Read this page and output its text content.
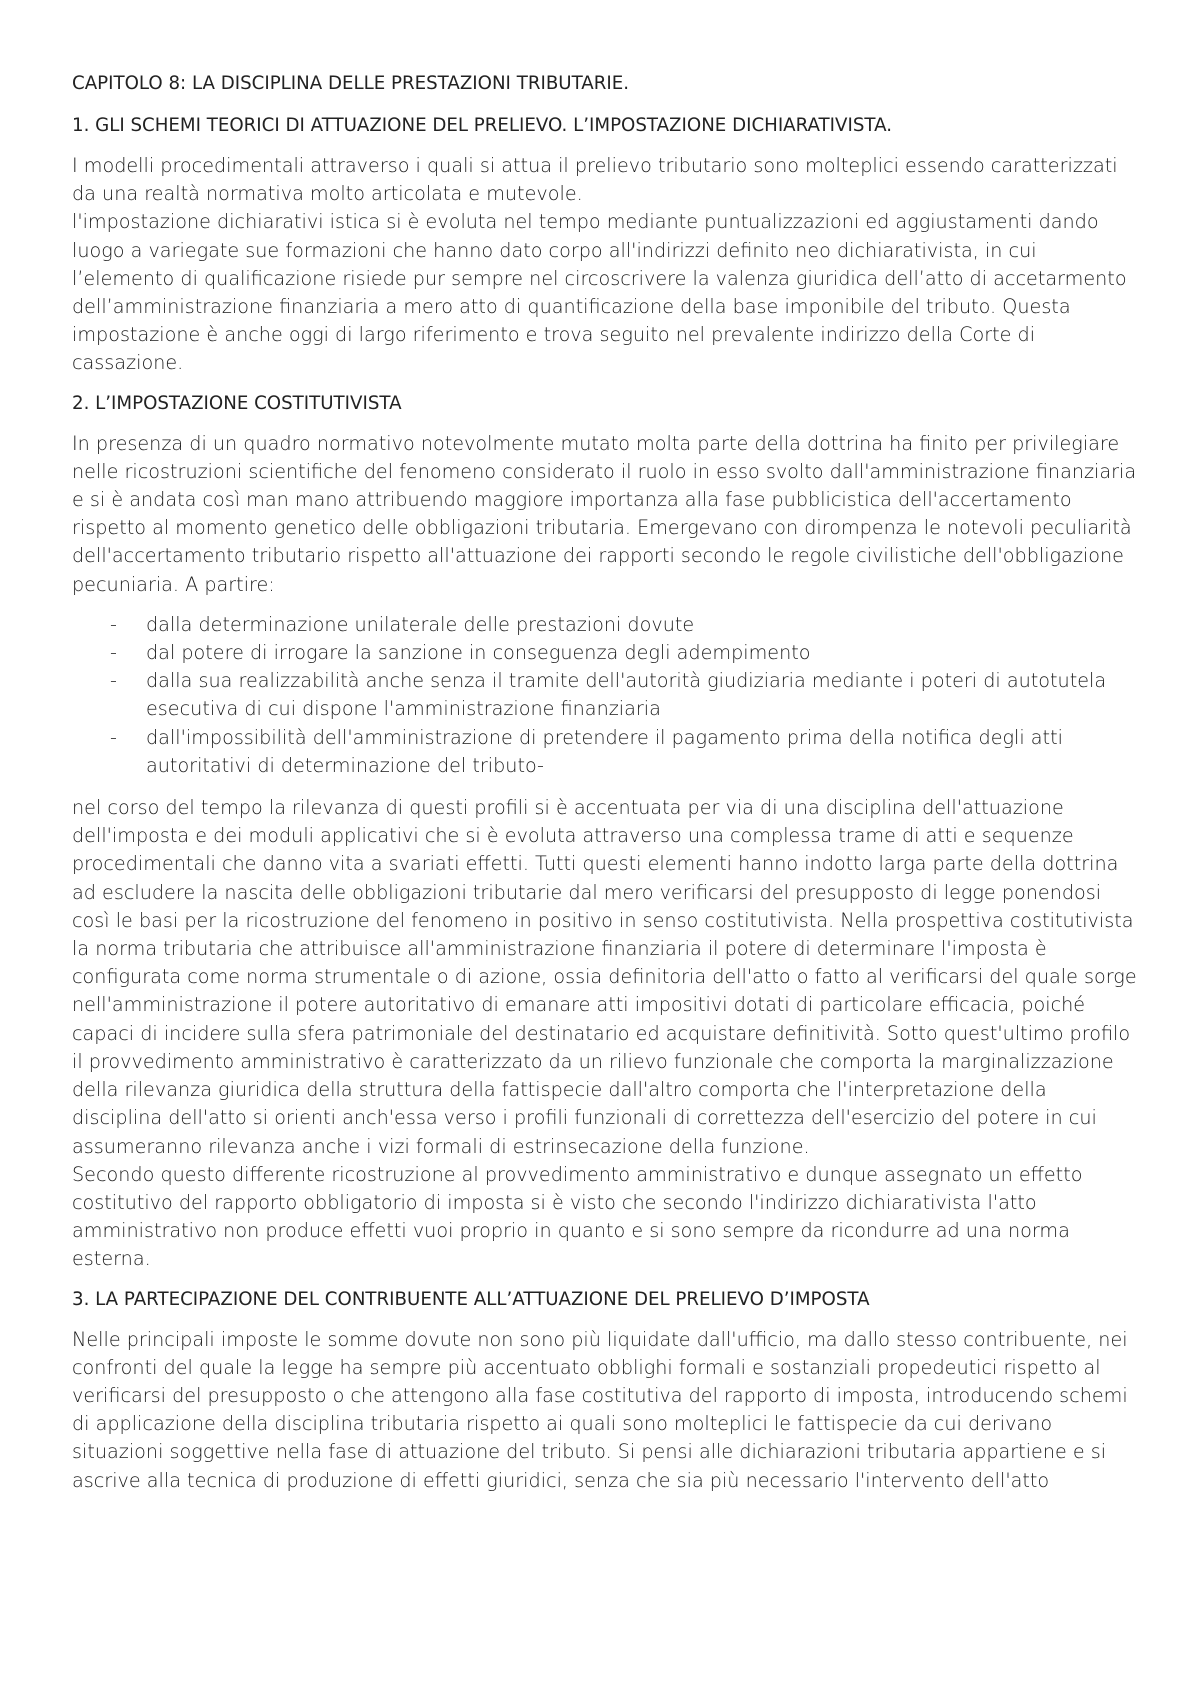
CAPITOLO 8: LA DISCIPLINA DELLE PRESTAZIONI TRIBUTARIE.
1. GLI SCHEMI TEORICI DI ATTUAZIONE DEL PRELIEVO. L’IMPOSTAZIONE DICHIARATIVISTA.

I modelli procedimentali attraverso i quali si attua il prelievo tributario sono molteplici essendo caratterizzati da una realtà normativa molto articolata e mutevole.
l'impostazione dichiarativi istica si è evoluta nel tempo mediante puntualizzazioni ed aggiustamenti dando luogo a variegate sue formazioni che hanno dato corpo all'indirizzi definito neo dichiarativista, in cui l’elemento di qualificazione risiede pur sempre nel circoscrivere la valenza giuridica dell’atto di accetarmento dell’amministrazione finanziaria a mero atto di quantificazione della base imponibile del tributo. Questa impostazione è anche oggi di largo riferimento e trova seguito nel prevalente indirizzo della Corte di cassazione.

2. L’IMPOSTAZIONE COSTITUTIVISTA

In presenza di un quadro normativo notevolmente mutato molta parte della dottrina ha finito per privilegiare nelle ricostruzioni scientifiche del fenomeno considerato il ruolo in esso svolto dall'amministrazione finanziaria e si è andata così man mano attribuendo maggiore importanza alla fase pubblicistica dell'accertamento rispetto al momento genetico delle obbligazioni tributaria. Emergevano con dirompenza le notevoli peculiarità dell'accertamento tributario rispetto all'attuazione dei rapporti secondo le regole civilistiche dell'obbligazione pecuniaria. A partire:

- dalla determinazione unilaterale delle prestazioni dovute
- dal potere di irrogare la sanzione in conseguenza degli adempimento
- dalla sua realizzabilità anche senza il tramite dell'autorità giudiziaria mediante i poteri di autotutela esecutiva di cui dispone l'amministrazione finanziaria
- dall'impossibilità dell'amministrazione di pretendere il pagamento prima della notifica degli atti autoritativi di determinazione del tributo-

nel corso del tempo la rilevanza di questi profili si è accentuata per via di una disciplina dell'attuazione dell'imposta e dei moduli applicativi che si è evoluta attraverso una complessa trame di atti e sequenze procedimentali che danno vita a svariati effetti. Tutti questi elementi hanno indotto larga parte della dottrina ad escludere la nascita delle obbligazioni tributarie dal mero verificarsi del presupposto di legge ponendosi così le basi per la ricostruzione del fenomeno in positivo in senso costitutivista. Nella prospettiva costitutivista la norma tributaria che attribuisce all'amministrazione finanziaria il potere di determinare l'imposta è configurata come norma strumentale o di azione, ossia definitoria dell'atto o fatto al verificarsi del quale sorge nell'amministrazione il potere autoritativo di emanare atti impositivi dotati di particolare efficacia, poiché capaci di incidere sulla sfera patrimoniale del destinatario ed acquistare definitività. Sotto quest'ultimo profilo il provvedimento amministrativo è caratterizzato da un rilievo funzionale che comporta la marginalizzazione della rilevanza giuridica della struttura della fattispecie dall'altro comporta che l'interpretazione della disciplina dell'atto si orienti anch'essa verso i profili funzionali di correttezza dell'esercizio del potere in cui assumeranno rilevanza anche i vizi formali di estrinsecazione della funzione.
Secondo questo differente ricostruzione al provvedimento amministrativo e dunque assegnato un effetto costitutivo del rapporto obbligatorio di imposta si è visto che secondo l'indirizzo dichiarativista l'atto amministrativo non produce effetti vuoi proprio in quanto e si sono sempre da ricondurre ad una norma esterna.

3. LA PARTECIPAZIONE DEL CONTRIBUENTE ALL’ATTUAZIONE DEL PRELIEVO D’IMPOSTA

Nelle principali imposte le somme dovute non sono più liquidate dall'ufficio, ma dallo stesso contribuente, nei confronti del quale la legge ha sempre più accentuato obblighi formali e sostanziali propedeutici rispetto al verificarsi del presupposto o che attengono alla fase costitutiva del rapporto di imposta, introducendo schemi di applicazione della disciplina tributaria rispetto ai quali sono molteplici le fattispecie da cui derivano situazioni soggettive nella fase di attuazione del tributo. Si pensi alle dichiarazioni tributaria appartiene e si ascrive alla tecnica di produzione di effetti giuridici, senza che sia più necessario l'intervento dell'atto
